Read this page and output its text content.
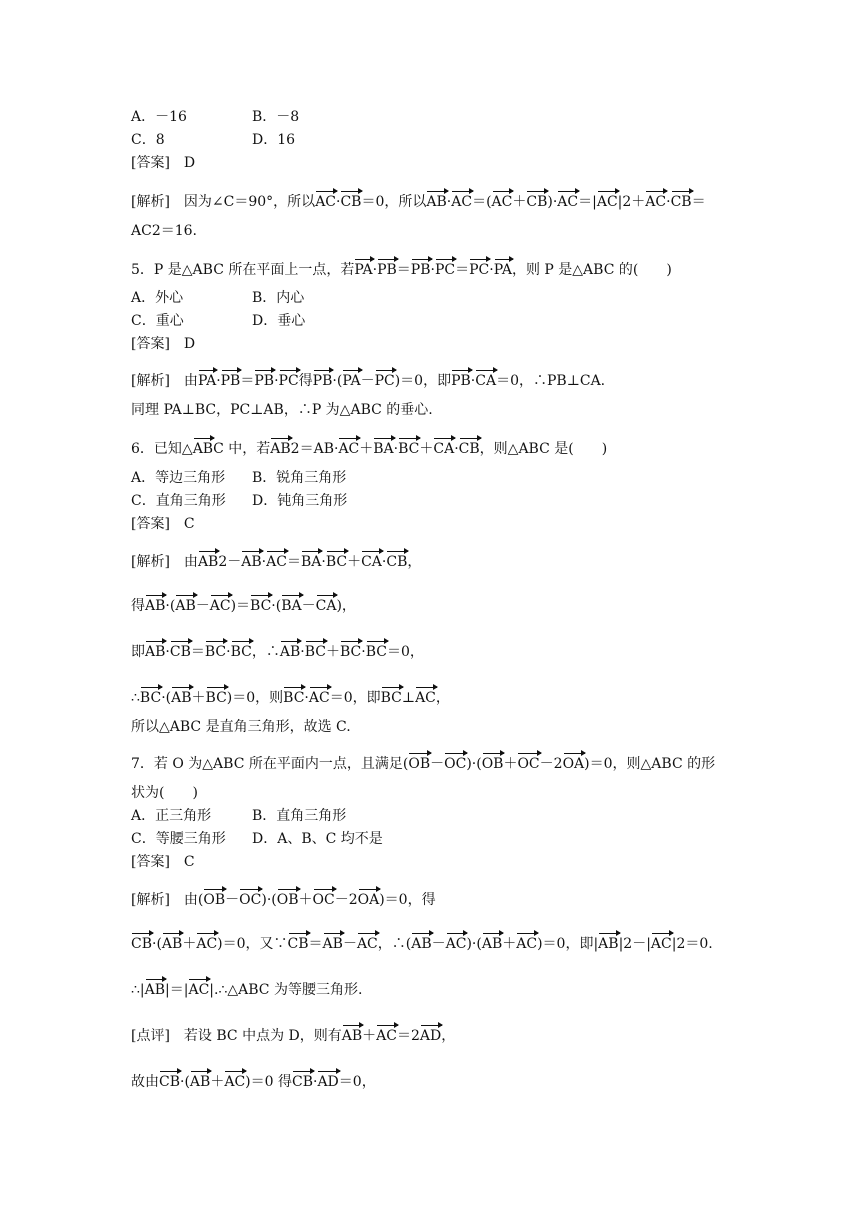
A．－16	B．－8
C．8	D．16
[答案]　D
[解析]　因为∠C＝90°，所以AC·CB＝0，所以AB·AC＝(AC＋CB)·AC＝|AC|2＋AC·CB＝
AC2＝16.
5．P 是△ABC 所在平面上一点，若PA·PB＝PB·PC＝PC·PA，则 P 是△ABC 的(　　)
A．外心	B．内心
C．重心	D．垂心
[答案]　D
[解析]　由PA·PB＝PB·PC得PB·(PA－PC)＝0，即PB·CA＝0，∴PB⊥CA.
同理 PA⊥BC，PC⊥AB，∴P 为△ABC 的垂心.
6．已知△ABC 中，若AB2＝AB·AC＋BA·BC＋CA·CB，则△ABC 是(　　)
A．等边三角形 B．锐角三角形
C．直角三角形 D．钝角三角形
[答案]　C
[解析]　由AB2－AB·AC＝BA·BC＋CA·CB，
得AB·(AB－AC)＝BC·(BA－CA)，
即AB·CB＝BC·BC，∴AB·BC＋BC·BC＝0，
∴BC·(AB＋BC)＝0，则BC·AC＝0，即BC⊥AC，
所以△ABC 是直角三角形，故选 C.
7．若 O 为△ABC 所在平面内一点，且满足(OB－OC)·(OB＋OC－2OA)＝0，则△ABC 的形
状为(　　)
A．正三角形	B．直角三角形
C．等腰三角形 D．A、B、C 均不是
[答案]　C
[解析]　由(OB－OC)·(OB＋OC－2OA)＝0，得
CB·(AB＋AC)＝0，又∵CB＝AB－AC，∴(AB－AC)·(AB＋AC)＝0，即|AB|2－|AC|2＝0.
∴|AB|＝|AC|.∴△ABC 为等腰三角形.
[点评]　若设 BC 中点为 D，则有AB＋AC＝2AD，
故由CB·(AB＋AC)＝0 得CB·AD＝0，
